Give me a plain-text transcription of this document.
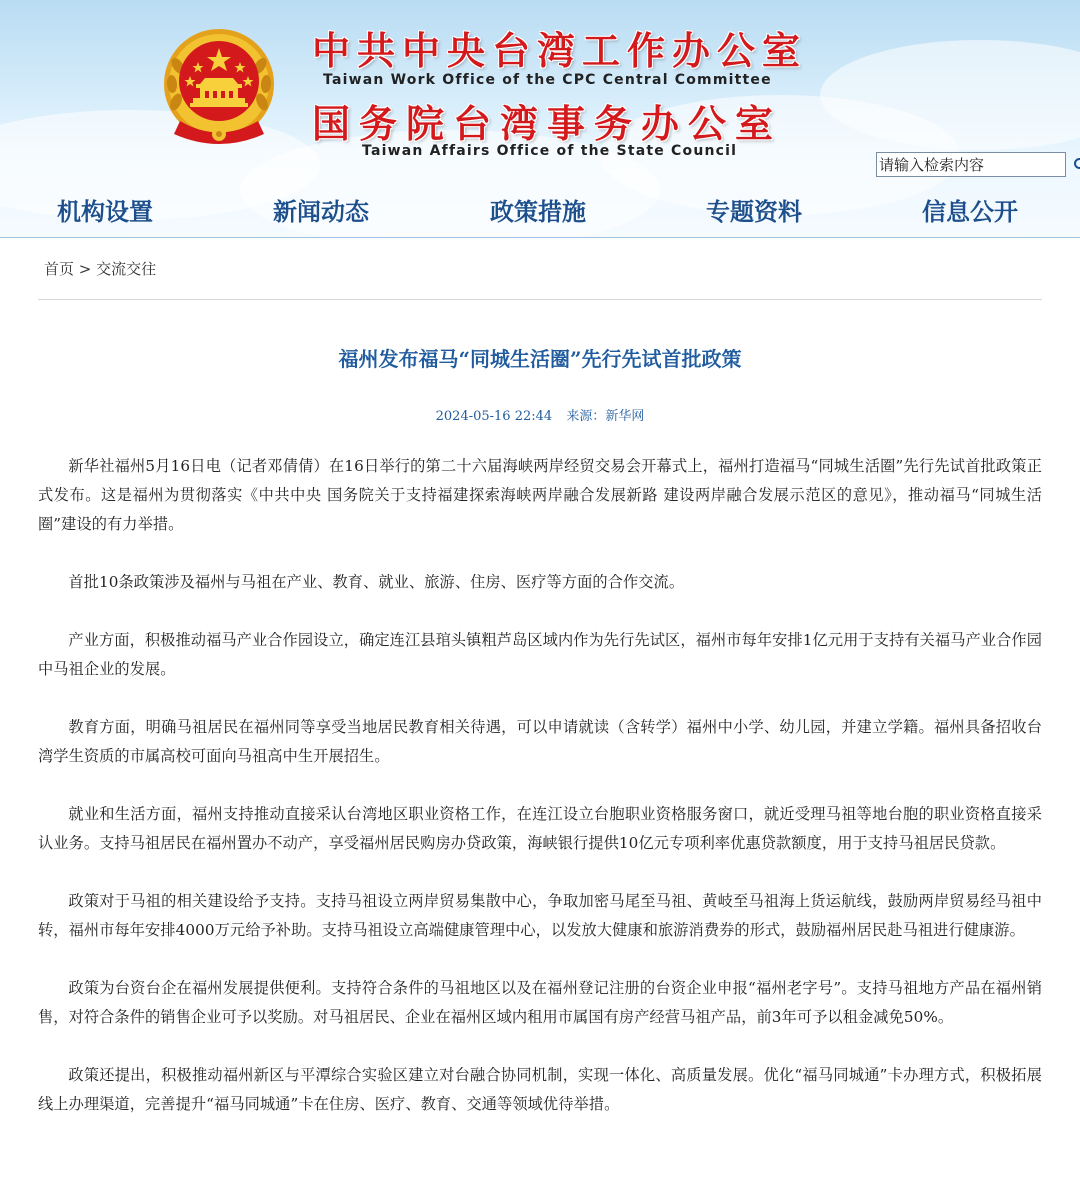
中共中央台湾工作办公室
Taiwan Work Office of the CPC Central Committee
国务院台湾事务办公室
Taiwan Affairs Office of the State Council
请输入检索内容
机构设置	新闻动态	政策措施	专题资料	信息公开
首页 > 交流交往
福州发布福马“同城生活圈”先行先试首批政策
2024-05-16 22:44 来源：新华网

新华社福州5月16日电（记者邓倩倩）在16日举行的第二十六届海峡两岸经贸交易会开幕式上，福州打造福马“同城生活圈”先行先试首批政策正式发布。这是福州为贯彻落实《中共中央 国务院关于支持福建探索海峡两岸融合发展新路 建设两岸融合发展示范区的意见》，推动福马“同城生活圈”建设的有力举措。

首批10条政策涉及福州与马祖在产业、教育、就业、旅游、住房、医疗等方面的合作交流。

产业方面，积极推动福马产业合作园设立，确定连江县琯头镇粗芦岛区域内作为先行先试区，福州市每年安排1亿元用于支持有关福马产业合作园中马祖企业的发展。

教育方面，明确马祖居民在福州同等享受当地居民教育相关待遇，可以申请就读（含转学）福州中小学、幼儿园，并建立学籍。福州具备招收台湾学生资质的市属高校可面向马祖高中生开展招生。

就业和生活方面，福州支持推动直接采认台湾地区职业资格工作，在连江设立台胞职业资格服务窗口，就近受理马祖等地台胞的职业资格直接采认业务。支持马祖居民在福州置办不动产，享受福州居民购房办贷政策，海峡银行提供10亿元专项利率优惠贷款额度，用于支持马祖居民贷款。

政策对于马祖的相关建设给予支持。支持马祖设立两岸贸易集散中心，争取加密马尾至马祖、黄岐至马祖海上货运航线，鼓励两岸贸易经马祖中转，福州市每年安排4000万元给予补助。支持马祖设立高端健康管理中心，以发放大健康和旅游消费券的形式，鼓励福州居民赴马祖进行健康游。

政策为台资台企在福州发展提供便利。支持符合条件的马祖地区以及在福州登记注册的台资企业申报“福州老字号”。支持马祖地方产品在福州销售，对符合条件的销售企业可予以奖励。对马祖居民、企业在福州区域内租用市属国有房产经营马祖产品，前3年可予以租金减免50%。

政策还提出，积极推动福州新区与平潭综合实验区建立对台融合协同机制，实现一体化、高质量发展。优化“福马同城通”卡办理方式，积极拓展线上办理渠道，完善提升“福马同城通”卡在住房、医疗、教育、交通等领域优待举措。
